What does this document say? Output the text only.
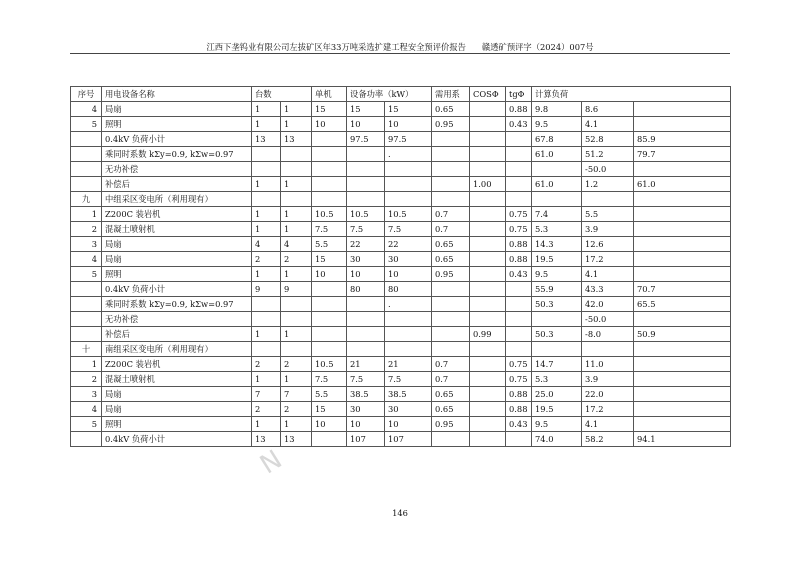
江西下垄钨业有限公司左拔矿区年33万吨采选扩建工程安全预评价报告 赣透矿预评字（2024）007号
序号	用电设备名称	台数		单机	设备功率（kW）		需用系	COSΦ	tgΦ	计算负荷		
4	局扇	1	1	15	15	15	0.65		0.88	9.8	8.6	
5	照明	1	1	10	10	10	0.95		0.43	9.5	4.1	
	0.4kV 负荷小计	13	13		97.5	97.5				67.8	52.8	85.9
	乘同时系数 kΣy=0.9, kΣw=0.97					.				61.0	51.2	79.7
	无功补偿										-50.0	
	补偿后	1	1					1.00		61.0	1.2	61.0
九	中组采区变电所（利用现有）											
1	Z200C 装岩机	1	1	10.5	10.5	10.5	0.7		0.75	7.4	5.5	
2	混凝土喷射机	1	1	7.5	7.5	7.5	0.7		0.75	5.3	3.9	
3	局扇	4	4	5.5	22	22	0.65		0.88	14.3	12.6	
4	局扇	2	2	15	30	30	0.65		0.88	19.5	17.2	
5	照明	1	1	10	10	10	0.95		0.43	9.5	4.1	
	0.4kV 负荷小计	9	9		80	80				55.9	43.3	70.7
	乘同时系数 kΣy=0.9, kΣw=0.97					.				50.3	42.0	65.5
	无功补偿										-50.0	
	补偿后	1	1					0.99		50.3	-8.0	50.9
十	南组采区变电所（利用现有）											
1	Z200C 装岩机	2	2	10.5	21	21	0.7		0.75	14.7	11.0	
2	混凝土喷射机	1	1	7.5	7.5	7.5	0.7		0.75	5.3	3.9	
3	局扇	7	7	5.5	38.5	38.5	0.65		0.88	25.0	22.0	
4	局扇	2	2	15	30	30	0.65		0.88	19.5	17.2	
5	照明	1	1	10	10	10	0.95		0.43	9.5	4.1	
	0.4kV 负荷小计	13	13		107	107				74.0	58.2	94.1
146
N
